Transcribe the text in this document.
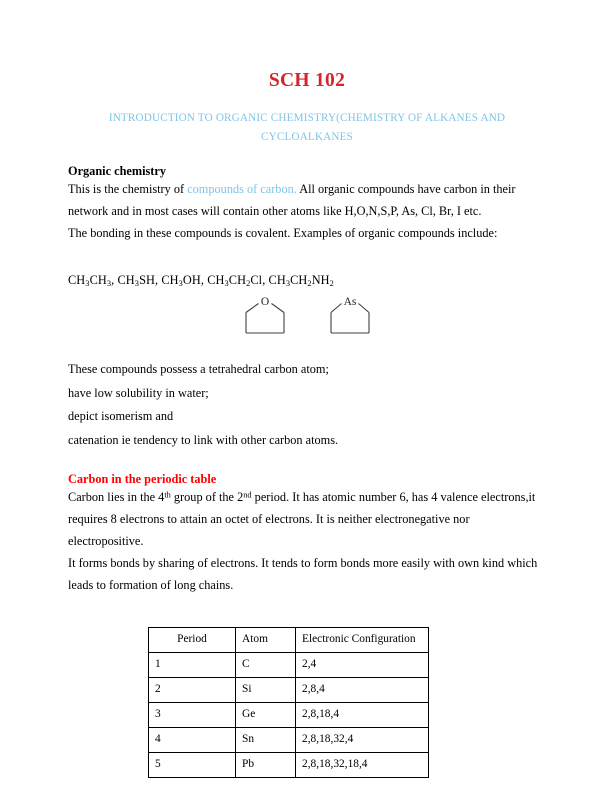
SCH 102
INTRODUCTION TO ORGANIC CHEMISTRY(CHEMISTRY OF ALKANES AND CYCLOALKANES
Organic chemistry

This is the chemistry of compounds of carbon. All organic compounds have carbon in their network and in most cases will contain other atoms like H,O,N,S,P, As, Cl, Br, I etc.

The bonding in these compounds is covalent. Examples of organic compounds include:

$CH_3CH_3$, $CH_3SH$, $CH_3OH$, $CH_3CH_2Cl$, $CH_3CH_2NH_2$

O	As

These compounds possess a tetrahedral carbon atom;

have low solubility in water;

depict isomerism and

catenation ie tendency to link with other carbon atoms.

Carbon in the periodic table

Carbon lies in the 4th group of the 2nd period. It has atomic number 6, has 4 valence electrons,it requires 8 electrons to attain an octet of electrons. It is neither electronegative nor electropositive.

It forms bonds by sharing of electrons. It tends to form bonds more easily with own kind which leads to formation of long chains.

Period	Atom	Electronic Configuration
1	C	2,4
2	Si	2,8,4
3	Ge	2,8,18,4
4	Sn	2,8,18,32,4
5	Pb	2,8,18,32,18,4
